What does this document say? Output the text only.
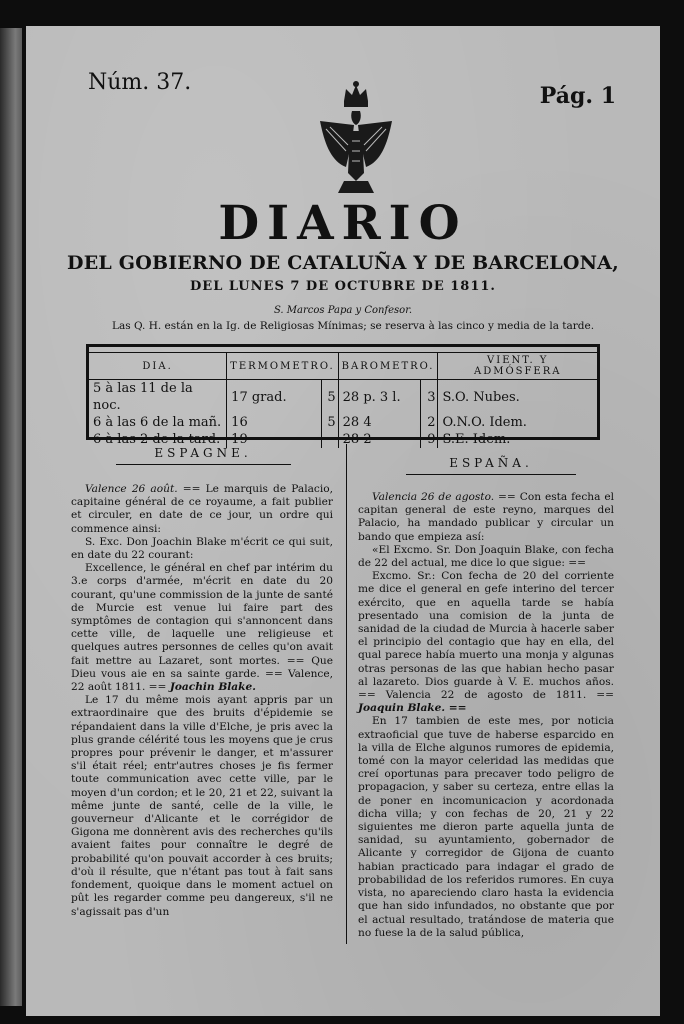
Núm. 37.
Pág. 1
DIARIO
DEL GOBIERNO DE CATALUÑA Y DE BARCELONA,
DEL LUNES 7 DE OCTUBRE DE 1811.
S. Marcos Papa y Confesor.
Las Q. H. están en la Ig. de Religiosas Mínimas; se reserva à las cinco y media de la tarde.
DIA.	TERMOMETRO.		BAROMETRO.		VIENT. Y ADMÓSFERA
5 à las 11 de la noc.	17 grad.	5	28 p. 3 l.	3	S.O. Nubes.
6 à las 6 de la mañ.	16	5	28 4	2	O.N.O. Idem.
6 à las 2 de la tard.	19		28 2	9	S.E. Idem.
ESPAGNE.
ESPAÑA.

Valence 26 août. == Le marquis de Palacio, capitaine général de ce royaume, a fait publier et circuler, en date de ce jour, un ordre qui commence ainsi:

S. Exc. Don Joachin Blake m'écrit ce qui suit, en date du 22 courant:

Excellence, le général en chef par intérim du 3.e corps d'armée, m'écrit en date du 20 courant, qu'une commission de la junte de santé de Murcie est venue lui faire part des symptômes de contagion qui s'annoncent dans cette ville, de laquelle une religieuse et quelques autres personnes de celles qu'on avait fait mettre au Lazaret, sont mortes. == Que Dieu vous aie en sa sainte garde. == Valence, 22 août 1811. == Joachin Blake.

Le 17 du même mois ayant appris par un extraordinaire que des bruits d'épidemie se répandaient dans la ville d'Elche, je pris avec la plus grande célérité tous les moyens que je crus propres pour prévenir le danger, et m'assurer s'il était réel; entr'autres choses je fis fermer toute communication avec cette ville, par le moyen d'un cordon; et le 20, 21 et 22, suivant la même junte de santé, celle de la ville, le gouverneur d'Alicante et le corrégidor de Gigona me donnèrent avis des recherches qu'ils avaient faites pour connaître le degré de probabilité qu'on pouvait accorder à ces bruits; d'où il résulte, que n'étant pas tout à fait sans fondement, quoique dans le moment actuel on pût les regarder comme peu dangereux, s'il ne s'agissait pas d'un

Valencia 26 de agosto. == Con esta fecha el capitan general de este reyno, marques del Palacio, ha mandado publicar y circular un bando que empieza así:

«El Excmo. Sr. Don Joaquin Blake, con fecha de 22 del actual, me dice lo que sigue: ==

Excmo. Sr.: Con fecha de 20 del corriente me dice el general en gefe interino del tercer exército, que en aquella tarde se había presentado una comision de la junta de sanidad de la ciudad de Murcia à hacerle saber el principio del contagio que hay en ella, del qual parece había muerto una monja y algunas otras personas de las que habian hecho pasar al lazareto. Dios guarde à V. E. muchos años. == Valencia 22 de agosto de 1811. == Joaquin Blake. ==

En 17 tambien de este mes, por noticia extraoficial que tuve de haberse esparcido en la villa de Elche algunos rumores de epidemia, tomé con la mayor celeridad las medidas que creí oportunas para precaver todo peligro de propagacion, y saber su certeza, entre ellas la de poner en incomunicacion y acordonada dicha villa; y con fechas de 20, 21 y 22 siguientes me dieron parte aquella junta de sanidad, su ayuntamiento, gobernador de Alicante y corregidor de Gijona de cuanto habian practicado para indagar el grado de probabilidad de los referidos rumores. En cuya vista, no apareciendo claro hasta la evidencia que han sido infundados, no obstante que por el actual resultado, tratándose de materia que no fuese la de la salud pública,
